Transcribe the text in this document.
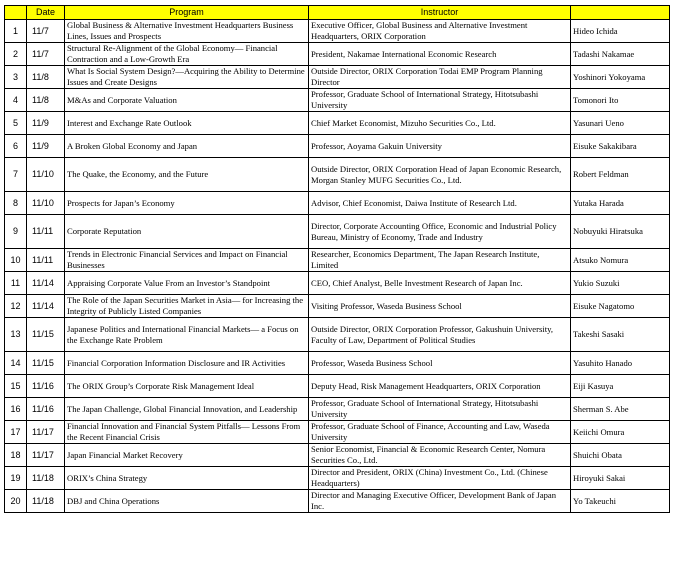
	Date	Program	Instructor	
1	11/7	Global Business & Alternative Investment Headquarters Business Lines, Issues and Prospects	Executive Officer, Global Business and Alternative Investment Headquarters, ORIX Corporation	Hideo Ichida
2	11/7	Structural Re-Alignment of the Global Economy— Financial Contraction and a Low-Growth Era	President, Nakamae International Economic Research	Tadashi Nakamae
3	11/8	What Is Social System Design?—Acquiring the Ability to Determine Issues and Create Designs	Outside Director, ORIX Corporation Todai EMP Program Planning Director	Yoshinori Yokoyama
4	11/8	M&As and Corporate Valuation	Professor, Graduate School of International Strategy, Hitotsubashi University	Tomonori Ito
5	11/9	Interest and Exchange Rate Outlook	Chief Market Economist, Mizuho Securities Co., Ltd.	Yasunari Ueno
6	11/9	A Broken Global Economy and Japan	Professor, Aoyama Gakuin University	Eisuke Sakakibara
7	11/10	The Quake, the Economy, and the Future	Outside Director, ORIX Corporation Head of Japan Economic Research, Morgan Stanley MUFG Securities Co., Ltd.	Robert Feldman
8	11/10	Prospects for Japan’s Economy	Advisor, Chief Economist, Daiwa Institute of Research Ltd.	Yutaka Harada
9	11/11	Corporate Reputation	Director, Corporate Accounting Office, Economic and Industrial Policy Bureau, Ministry of Economy, Trade and Industry	Nobuyuki Hiratsuka
10	11/11	Trends in Electronic Financial Services and Impact on Financial Businesses	Researcher, Economics Department, The Japan Research Institute, Limited	Atsuko Nomura
11	11/14	Appraising Corporate Value From an Investor’s Standpoint	CEO, Chief Analyst, Belle Investment Research of Japan Inc.	Yukio Suzuki
12	11/14	The Role of the Japan Securities Market in Asia— for Increasing the Integrity of Publicly Listed Companies	Visiting Professor, Waseda Business School	Eisuke Nagatomo
13	11/15	Japanese Politics and International Financial Markets— a Focus on the Exchange Rate Problem	Outside Director, ORIX Corporation Professor, Gakushuin University, Faculty of Law, Department of Political Studies	Takeshi Sasaki
14	11/15	Financial Corporation Information Disclosure and IR Activities	Professor, Waseda Business School	Yasuhito Hanado
15	11/16	The ORIX Group’s Corporate Risk Management Ideal	Deputy Head, Risk Management Headquarters, ORIX Corporation	Eiji Kasuya
16	11/16	The Japan Challenge, Global Financial Innovation, and Leadership	Professor, Graduate School of International Strategy, Hitotsubashi University	Sherman S. Abe
17	11/17	Financial Innovation and Financial System Pitfalls— Lessons From the Recent Financial Crisis	Professor, Graduate School of Finance, Accounting and Law, Waseda University	Keiichi Omura
18	11/17	Japan Financial Market Recovery	Senior Economist, Financial & Economic Research Center, Nomura Securities Co., Ltd.	Shuichi Obata
19	11/18	ORIX’s China Strategy	Director and President, ORIX (China) Investment Co., Ltd. (Chinese Headquarters)	Hiroyuki Sakai
20	11/18	DBJ and China Operations	Director and Managing Executive Officer, Development Bank of Japan Inc.	Yo Takeuchi
